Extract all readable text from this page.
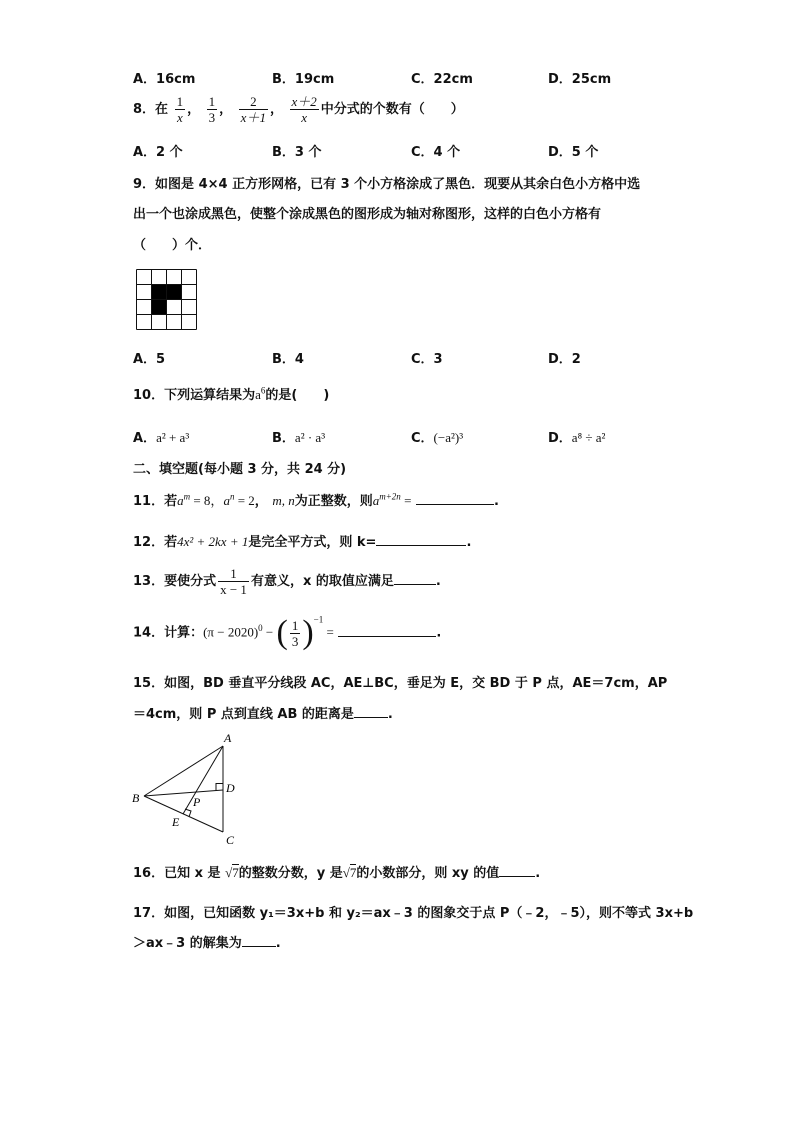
A．16cm	B．19cm	C．22cm	D．25cm
8．在 $\frac{1}{x}$ ， $\frac{1}{3}$ ， $\frac{2}{x+1}$ ， $\frac{x+2}{x}$ 中分式的个数有（　　）
A．2 个	B．3 个	C．4 个	D．5 个
9．如图是 4×4 正方形网格，已有 3 个小方格涂成了黑色．现要从其余白色小方格中选
出一个也涂成黑色，使整个涂成黑色的图形成为轴对称图形，这样的白色小方格有
（　　）个．
A．5	B．4	C．3	D．2
10．下列运算结果为$a^6$的是(　　)
A．a² + a³	B．a² · a³	C．(−a²)³	D．a⁸ ÷ a²
二、填空题(每小题 3 分，共 24 分)
11．若$a^m = 8$，$a^n = 2$， m, n为正整数，则$a^{m+2n}$ =	.
12．若4x² + 2kx + 1是完全平方式，则 k=	.
13．要使分式 $\frac{1}{x - 1}$ 有意义，x 的取值应满足	.
14．计算：$(\pi - 2020)^0$ − ( $\frac{1}{3} )^{-1}$ =	.
15．如图，BD 垂直平分线段 AC，AE⊥BC，垂足为 E，交 BD 于 P 点，AE＝7cm，AP
＝4cm，则 P 点到直线 AB 的距离是	.
A
B
C
D
E
P
16．已知 x 是 √7的整数分数，y 是√7的小数部分，则 xy 的值	.
17．如图，已知函数 y₁＝3x+b 和 y₂＝ax﹣3 的图象交于点 P（﹣2，﹣5），则不等式 3x+b
＞ax﹣3 的解集为	.
